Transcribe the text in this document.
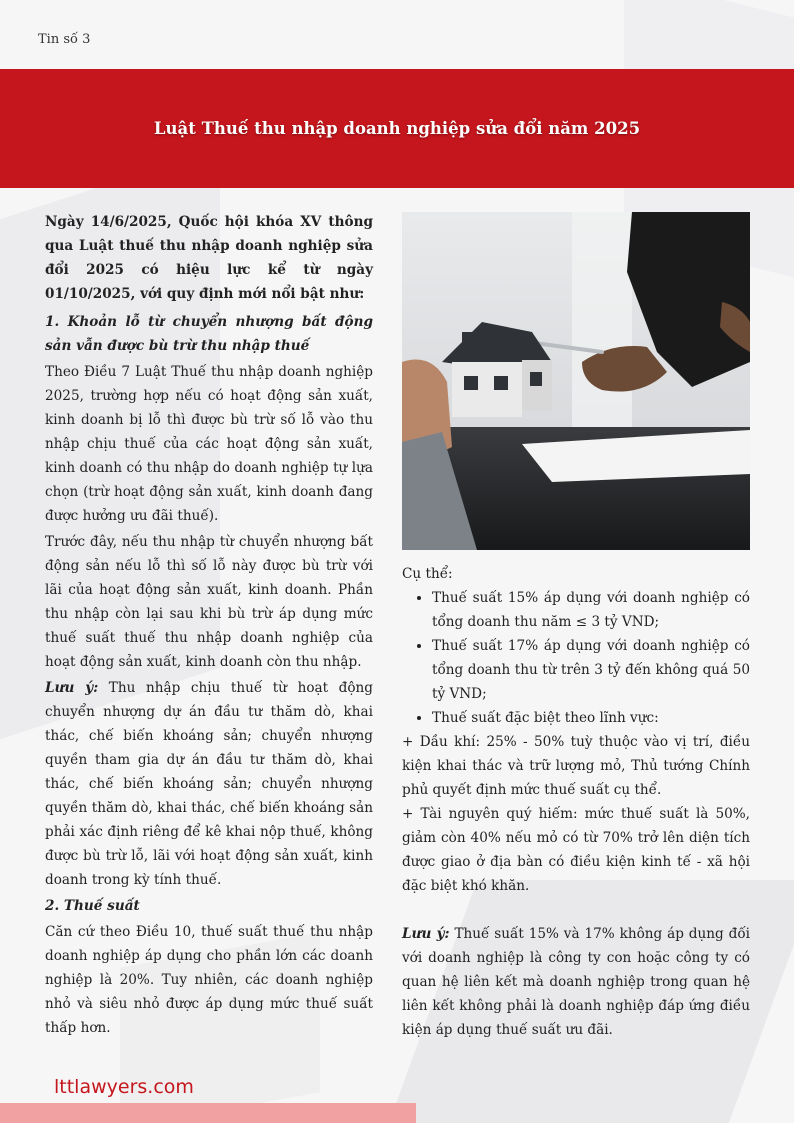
Tin số 3
Luật Thuế thu nhập doanh nghiệp sửa đổi năm 2025

Ngày 14/6/2025, Quốc hội khóa XV thông qua Luật thuế thu nhập doanh nghiệp sửa đổi 2025 có hiệu lực kể từ ngày 01/10/2025, với quy định mới nổi bật như:

1. Khoản lỗ từ chuyển nhượng bất động sản vẫn được bù trừ thu nhập thuế

Theo Điều 7 Luật Thuế thu nhập doanh nghiệp 2025, trường hợp nếu có hoạt động sản xuất, kinh doanh bị lỗ thì được bù trừ số lỗ vào thu nhập chịu thuế của các hoạt động sản xuất, kinh doanh có thu nhập do doanh nghiệp tự lựa chọn (trừ hoạt động sản xuất, kinh doanh đang được hưởng ưu đãi thuế).

Trước đây, nếu thu nhập từ chuyển nhượng bất động sản nếu lỗ thì số lỗ này được bù trừ với lãi của hoạt động sản xuất, kinh doanh. Phần thu nhập còn lại sau khi bù trừ áp dụng mức thuế suất thuế thu nhập doanh nghiệp của hoạt động sản xuất, kinh doanh còn thu nhập.

Lưu ý: Thu nhập chịu thuế từ hoạt động chuyển nhượng dự án đầu tư thăm dò, khai thác, chế biến khoáng sản; chuyển nhượng quyền tham gia dự án đầu tư thăm dò, khai thác, chế biến khoáng sản; chuyển nhượng quyền thăm dò, khai thác, chế biến khoáng sản phải xác định riêng để kê khai nộp thuế, không được bù trừ lỗ, lãi với hoạt động sản xuất, kinh doanh trong kỳ tính thuế.

2. Thuế suất

Căn cứ theo Điều 10, thuế suất thuế thu nhập doanh nghiệp áp dụng cho phần lớn các doanh nghiệp là 20%. Tuy nhiên, các doanh nghiệp nhỏ và siêu nhỏ được áp dụng mức thuế suất thấp hơn.

Cụ thể:

• Thuế suất 15% áp dụng với doanh nghiệp có tổng doanh thu năm ≤ 3 tỷ VND;
• Thuế suất 17% áp dụng với doanh nghiệp có tổng doanh thu từ trên 3 tỷ đến không quá 50 tỷ VND;
• Thuế suất đặc biệt theo lĩnh vực:

+ Dầu khí: 25% - 50% tuỳ thuộc vào vị trí, điều kiện khai thác và trữ lượng mỏ, Thủ tướng Chính phủ quyết định mức thuế suất cụ thể.

+ Tài nguyên quý hiếm: mức thuế suất là 50%, giảm còn 40% nếu mỏ có từ 70% trở lên diện tích được giao ở địa bàn có điều kiện kinh tế - xã hội đặc biệt khó khăn.

Lưu ý: Thuế suất 15% và 17% không áp dụng đối với doanh nghiệp là công ty con hoặc công ty có quan hệ liên kết mà doanh nghiệp trong quan hệ liên kết không phải là doanh nghiệp đáp ứng điều kiện áp dụng thuế suất ưu đãi.

lttlawyers.com
